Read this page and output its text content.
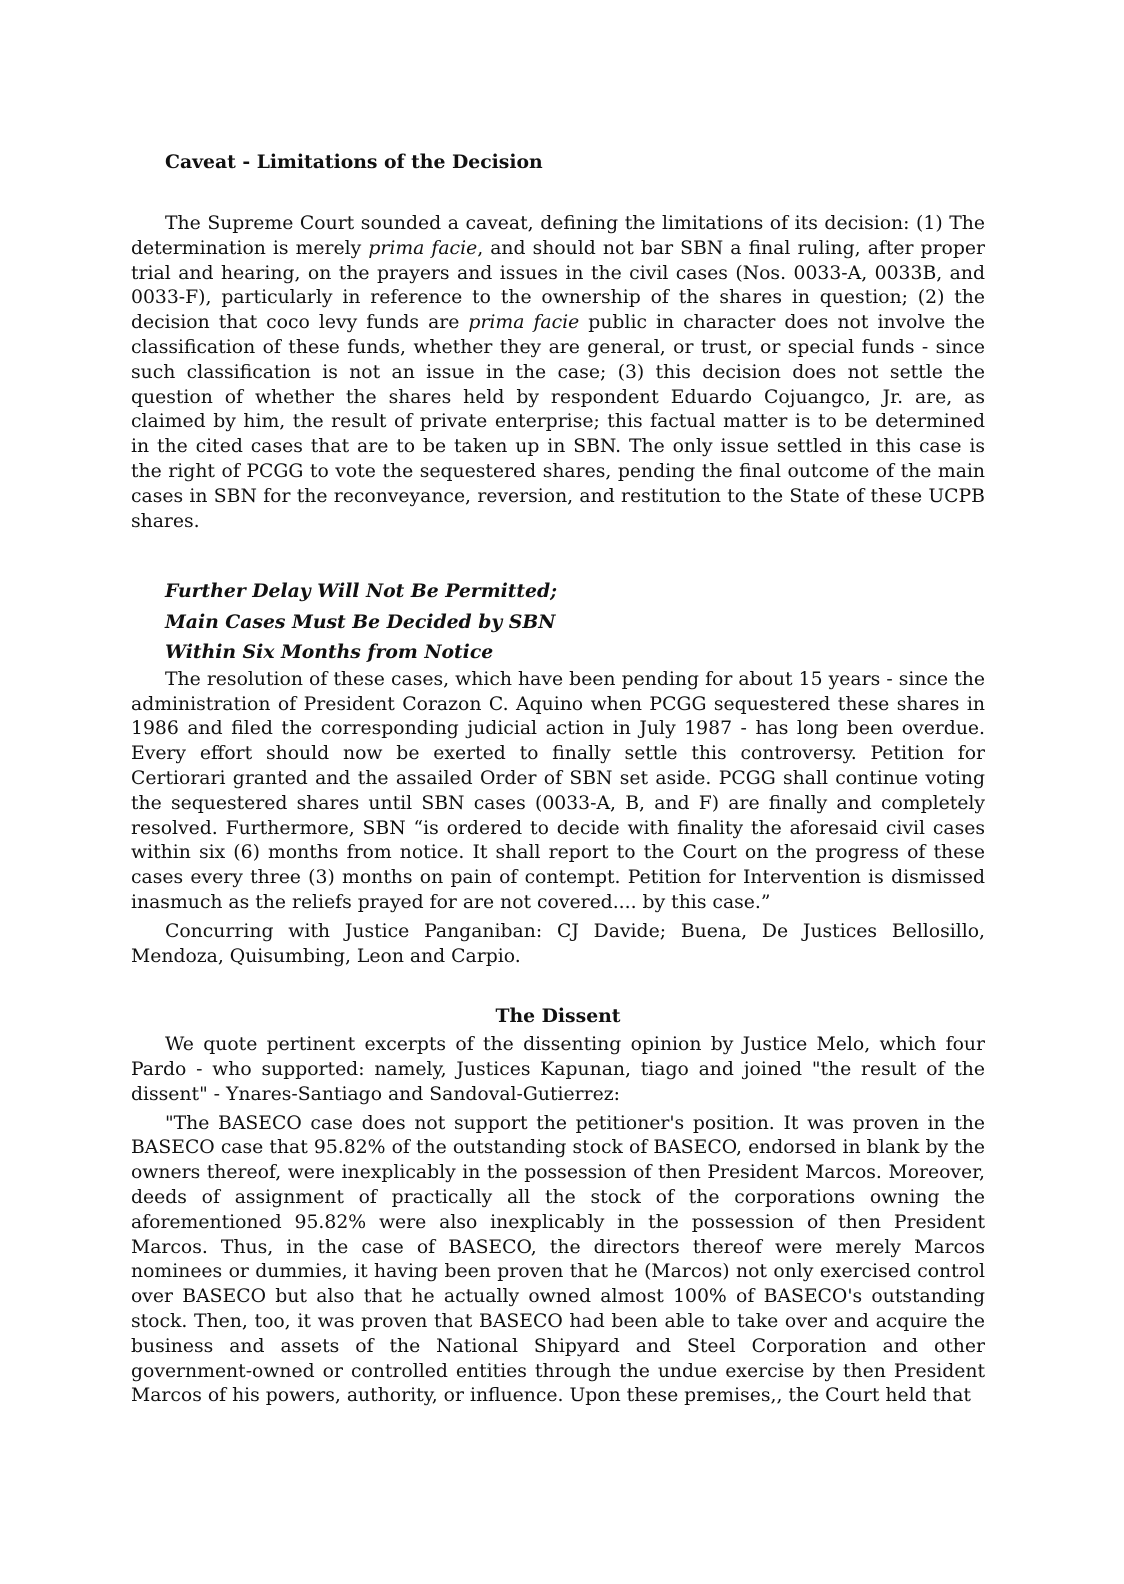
Caveat - Limitations of the Decision

The Supreme Court sounded a caveat, defining the limitations of its decision: (1) The determination is merely prima facie, and should not bar SBN a final ruling, after proper trial and hearing, on the prayers and issues in the civil cases (Nos. 0033-A, 0033B, and 0033-F), particularly in reference to the ownership of the shares in question; (2) the decision that coco levy funds are prima facie public in character does not involve the classification of these funds, whether they are general, or trust, or special funds - since such classification is not an issue in the case; (3) this decision does not settle the question of whether the shares held by respondent Eduardo Cojuangco, Jr. are, as claimed by him, the result of private enterprise; this factual matter is to be determined in the cited cases that are to be taken up in SBN. The only issue settled in this case is the right of PCGG to vote the sequestered shares, pending the final outcome of the main cases in SBN for the reconveyance, reversion, and restitution to the State of these UCPB shares.

Further Delay Will Not Be Permitted;
Main Cases Must Be Decided by SBN
Within Six Months from Notice

The resolution of these cases, which have been pending for about 15 years - since the administration of President Corazon C. Aquino when PCGG sequestered these shares in 1986 and filed the corresponding judicial action in July 1987 - has long been overdue. Every effort should now be exerted to finally settle this controversy. Petition for Certiorari granted and the assailed Order of SBN set aside. PCGG shall continue voting the sequestered shares until SBN cases (0033-A, B, and F) are finally and completely resolved. Furthermore, SBN “is ordered to decide with finality the aforesaid civil cases within six (6) months from notice. It shall report to the Court on the progress of these cases every three (3) months on pain of contempt. Petition for Intervention is dismissed inasmuch as the reliefs prayed for are not covered.... by this case.”

Concurring with Justice Panganiban: CJ Davide; Buena, De Justices Bellosillo, Mendoza, Quisumbing, Leon and Carpio.

The Dissent

We quote pertinent excerpts of the dissenting opinion by Justice Melo, which four Pardo - who supported: namely, Justices Kapunan, tiago and joined "the result of the dissent" - Ynares-Santiago and Sandoval-Gutierrez:

"The BASECO case does not support the petitioner's position. It was proven in the BASECO case that 95.82% of the outstanding stock of BASECO, endorsed in blank by the owners thereof, were inexplicably in the possession of then President Marcos. Moreover, deeds of assignment of practically all the stock of the corporations owning the aforementioned 95.82% were also inexplicably in the possession of then President Marcos. Thus, in the case of BASECO, the directors thereof were merely Marcos nominees or dummies, it having been proven that he (Marcos) not only exercised control over BASECO but also that he actually owned almost 100% of BASECO's outstanding stock. Then, too, it was proven that BASECO had been able to take over and acquire the business and assets of the National Shipyard and Steel Corporation and other government-owned or controlled entities through the undue exercise by then President Marcos of his powers, authority, or influence. Upon these premises,, the Court held that
